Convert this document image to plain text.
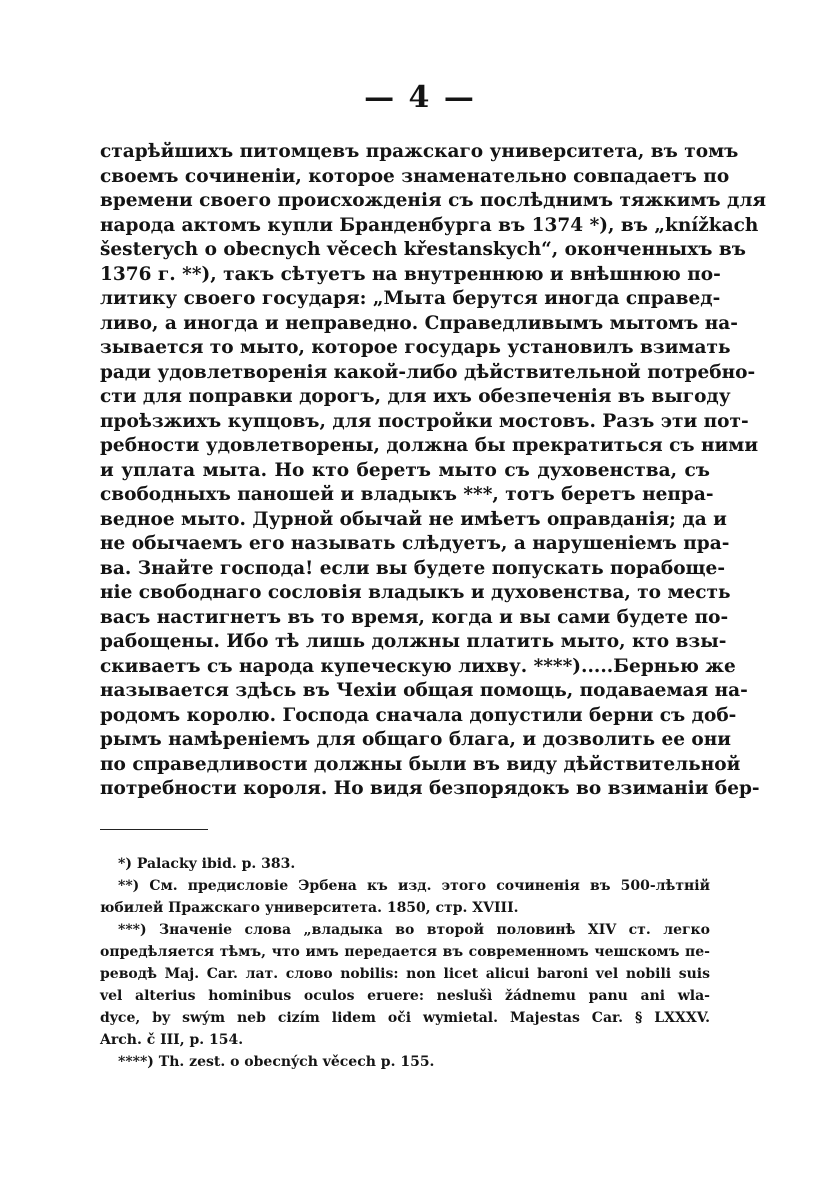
— 4 —
старѣйшихъ питомцевъ пражскаго университета, въ томъ
своемъ сочиненіи, которое знаменательно совпадаетъ по
времени своего происхожденія съ послѣднимъ тяжкимъ для
народа актомъ купли Бранденбурга въ 1374 *), въ „knížkach
šesterych o obecnych věcech křestanskych“, оконченныхъ въ
1376 г. **), такъ сѣтуетъ на внутреннюю и внѣшнюю по-
литику своего государя: „Мыта берутся иногда справед-
ливо, а иногда и неправедно. Справедливымъ мытомъ на-
зывается то мыто, которое государь установилъ взимать
ради удовлетворенія какой-либо дѣйствительной потребно-
сти для поправки дорогъ, для ихъ обезпеченія въ выгоду
проѣзжихъ купцовъ, для постройки мостовъ. Разъ эти пот-
ребности удовлетворены, должна бы прекратиться съ ними
и уплата мыта. Но кто беретъ мыто съ духовенства, съ
свободныхъ паношей и владыкъ ***, тотъ беретъ непра-
ведное мыто. Дурной обычай не имѣетъ оправданія; да и
не обычаемъ его называть слѣдуетъ, а нарушеніемъ пра-
ва. Знайте господа! если вы будете попускать порабоще-
ніе свободнаго сословія владыкъ и духовенства, то месть
васъ настигнетъ въ то время, когда и вы сами будете по-
рабощены. Ибо тѣ лишь должны платить мыто, кто взы-
скиваетъ съ народа купеческую лихву. ****).....Бернью же
называется здѣсь въ Чехіи общая помощь, подаваемая на-
родомъ королю. Господа сначала допустили берни съ доб-
рымъ намѣреніемъ для общаго блага, и дозволить ее они
по справедливости должны были въ виду дѣйствительной
потребности короля. Но видя безпорядокъ во взиманіи бер-
*) Palacky ibid. p. 383.
**) См. предисловіе Эрбена къ изд. этого сочиненія въ 500-лѣтній
юбилей Пражскаго университета. 1850, стр. XVIII.
***) Значеніе слова „владыка во второй половинѣ XIV ст. легко
опредѣляется тѣмъ, что имъ передается въ современномъ чешскомъ пе-
реводѣ Maj. Car. лат. слово nobilis: non licet alicui baroni vel nobili suis
vel alterius hominibus oculos eruere: neslušì žádnemu panu ani wla-
dyce, by swým neb cizím lidem oči wymietal. Majestas Car. § LXXXV.
Arch. č III, p. 154.
****) Th. zest. o obecných věcech p. 155.
